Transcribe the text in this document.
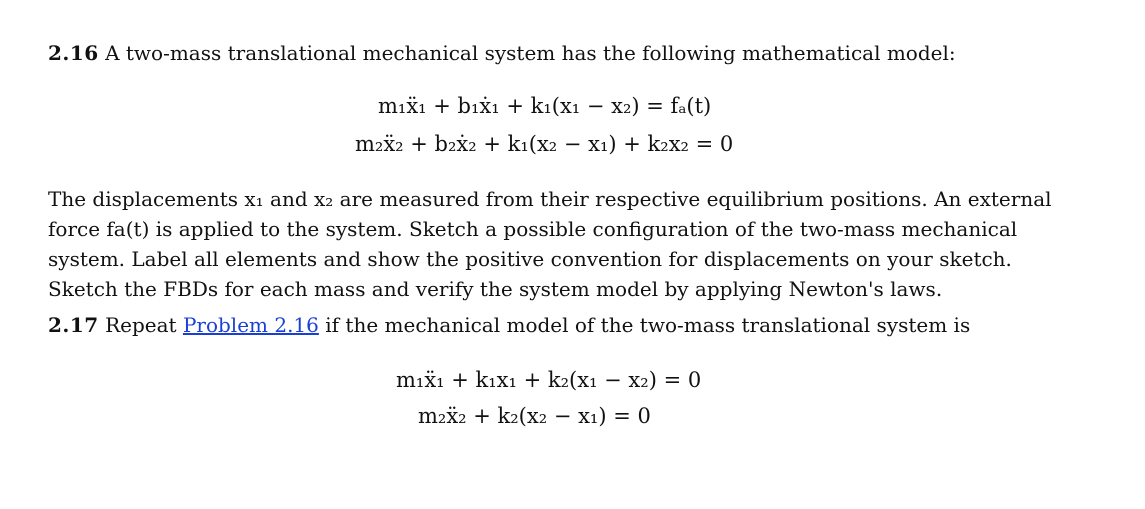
2.16 A two-mass translational mechanical system has the following mathematical model:
m₁ẍ₁ + b₁ẋ₁ + k₁(x₁ − x₂) = fₐ(t)
m₂ẍ₂ + b₂ẋ₂ + k₁(x₂ − x₁) + k₂x₂ = 0
The displacements x₁ and x₂ are measured from their respective equilibrium positions. An external
force fa(t) is applied to the system. Sketch a possible configuration of the two-mass mechanical
system. Label all elements and show the positive convention for displacements on your sketch.
Sketch the FBDs for each mass and verify the system model by applying Newton's laws.
2.17 Repeat Problem 2.16 if the mechanical model of the two-mass translational system is
m₁ẍ₁ + k₁x₁ + k₂(x₁ − x₂) = 0
m₂ẍ₂ + k₂(x₂ − x₁) = 0
